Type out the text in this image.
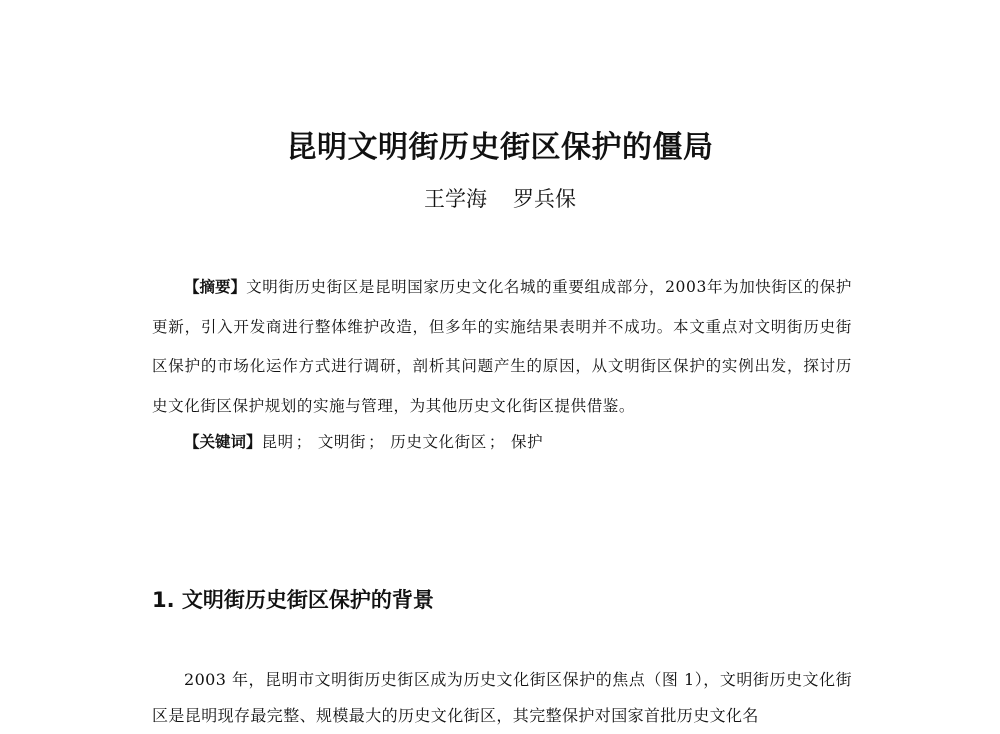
昆明文明街历史街区保护的僵局
王学海 罗兵保

【摘要】文明街历史街区是昆明国家历史文化名城的重要组成部分，2003年为加快街区的保护更新，引入开发商进行整体维护改造，但多年的实施结果表明并不成功。本文重点对文明街历史街区保护的市场化运作方式进行调研，剖析其问题产生的原因，从文明街区保护的实例出发，探讨历史文化街区保护规划的实施与管理，为其他历史文化街区提供借鉴。

【关键词】昆明 ； 文明街 ； 历史文化街区 ； 保护

1. 文明街历史街区保护的背景

2003 年，昆明市文明街历史街区成为历史文化街区保护的焦点（图 1），文明街历史文化街区是昆明现存最完整、规模最大的历史文化街区，其完整保护对国家首批历史文化名
